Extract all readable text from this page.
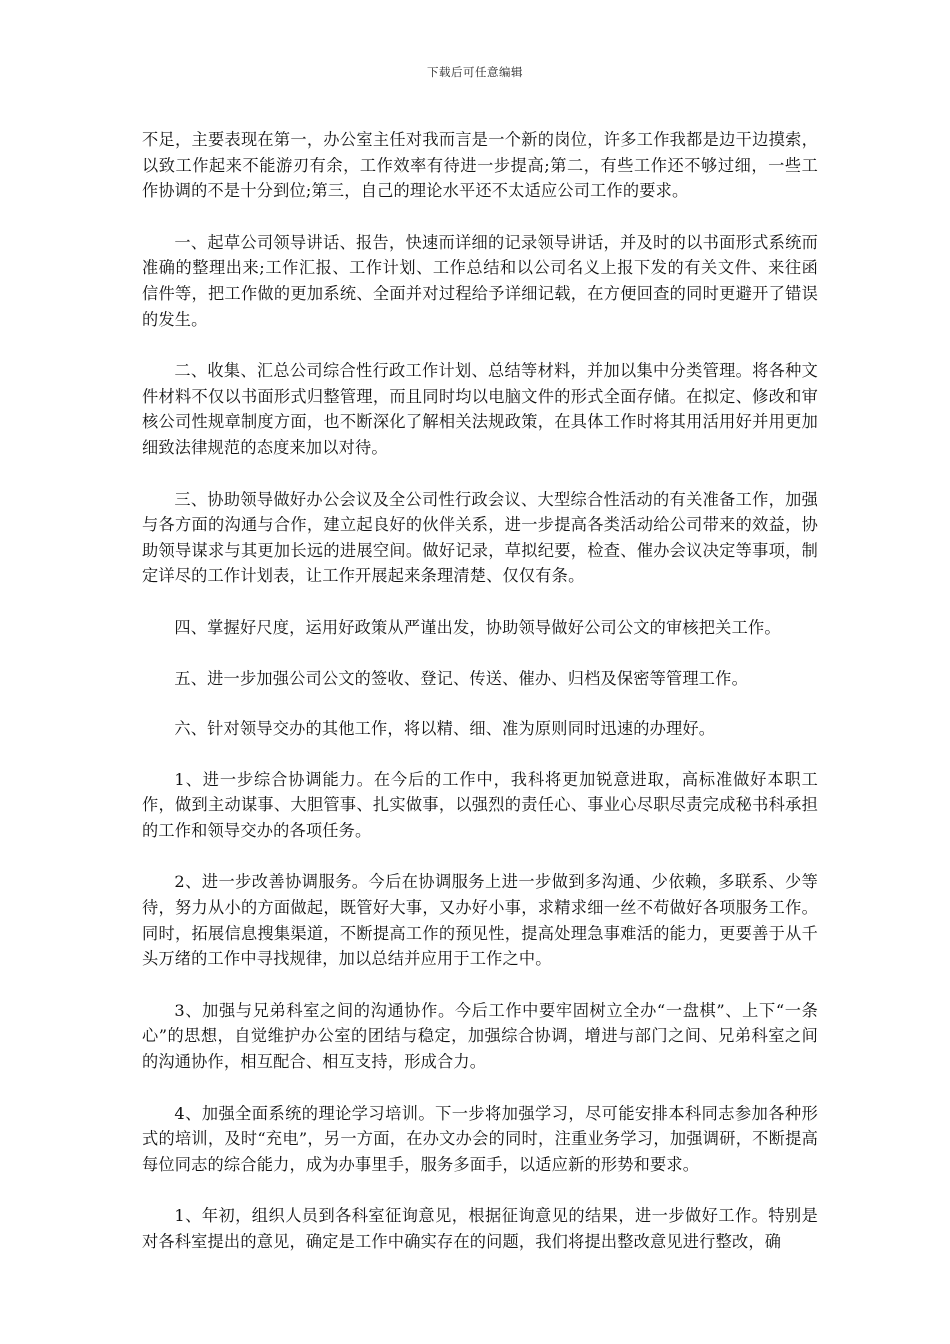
下载后可任意编辑

不足，主要表现在第一，办公室主任对我而言是一个新的岗位，许多工作我都是边干边摸索，以致工作起来不能游刃有余，工作效率有待进一步提高;第二，有些工作还不够过细，一些工作协调的不是十分到位;第三，自己的理论水平还不太适应公司工作的要求。

一、起草公司领导讲话、报告，快速而详细的记录领导讲话，并及时的以书面形式系统而准确的整理出来;工作汇报、工作计划、工作总结和以公司名义上报下发的有关文件、来往函信件等，把工作做的更加系统、全面并对过程给予详细记载，在方便回查的同时更避开了错误的发生。

二、收集、汇总公司综合性行政工作计划、总结等材料，并加以集中分类管理。将各种文件材料不仅以书面形式归整管理，而且同时均以电脑文件的形式全面存储。在拟定、修改和审核公司性规章制度方面，也不断深化了解相关法规政策，在具体工作时将其用活用好并用更加细致法律规范的态度来加以对待。

三、协助领导做好办公会议及全公司性行政会议、大型综合性活动的有关准备工作，加强与各方面的沟通与合作，建立起良好的伙伴关系，进一步提高各类活动给公司带来的效益，协助领导谋求与其更加长远的进展空间。做好记录，草拟纪要，检查、催办会议决定等事项，制定详尽的工作计划表，让工作开展起来条理清楚、仅仅有条。

四、掌握好尺度，运用好政策从严谨出发，协助领导做好公司公文的审核把关工作。

五、进一步加强公司公文的签收、登记、传送、催办、归档及保密等管理工作。

六、针对领导交办的其他工作，将以精、细、准为原则同时迅速的办理好。

1、进一步综合协调能力。在今后的工作中，我科将更加锐意进取，高标准做好本职工作，做到主动谋事、大胆管事、扎实做事，以强烈的责任心、事业心尽职尽责完成秘书科承担的工作和领导交办的各项任务。

2、进一步改善协调服务。今后在协调服务上进一步做到多沟通、少依赖，多联系、少等待，努力从小的方面做起，既管好大事，又办好小事，求精求细一丝不苟做好各项服务工作。同时，拓展信息搜集渠道，不断提高工作的预见性，提高处理急事难活的能力，更要善于从千头万绪的工作中寻找规律，加以总结并应用于工作之中。

3、加强与兄弟科室之间的沟通协作。今后工作中要牢固树立全办“一盘棋”、上下“一条心”的思想，自觉维护办公室的团结与稳定，加强综合协调，增进与部门之间、兄弟科室之间的沟通协作，相互配合、相互支持，形成合力。

4、加强全面系统的理论学习培训。下一步将加强学习，尽可能安排本科同志参加各种形式的培训，及时“充电”，另一方面，在办文办会的同时，注重业务学习，加强调研，不断提高每位同志的综合能力，成为办事里手，服务多面手，以适应新的形势和要求。

1、年初，组织人员到各科室征询意见，根据征询意见的结果，进一步做好工作。特别是对各科室提出的意见，确定是工作中确实存在的问题，我们将提出整改意见进行整改，确
